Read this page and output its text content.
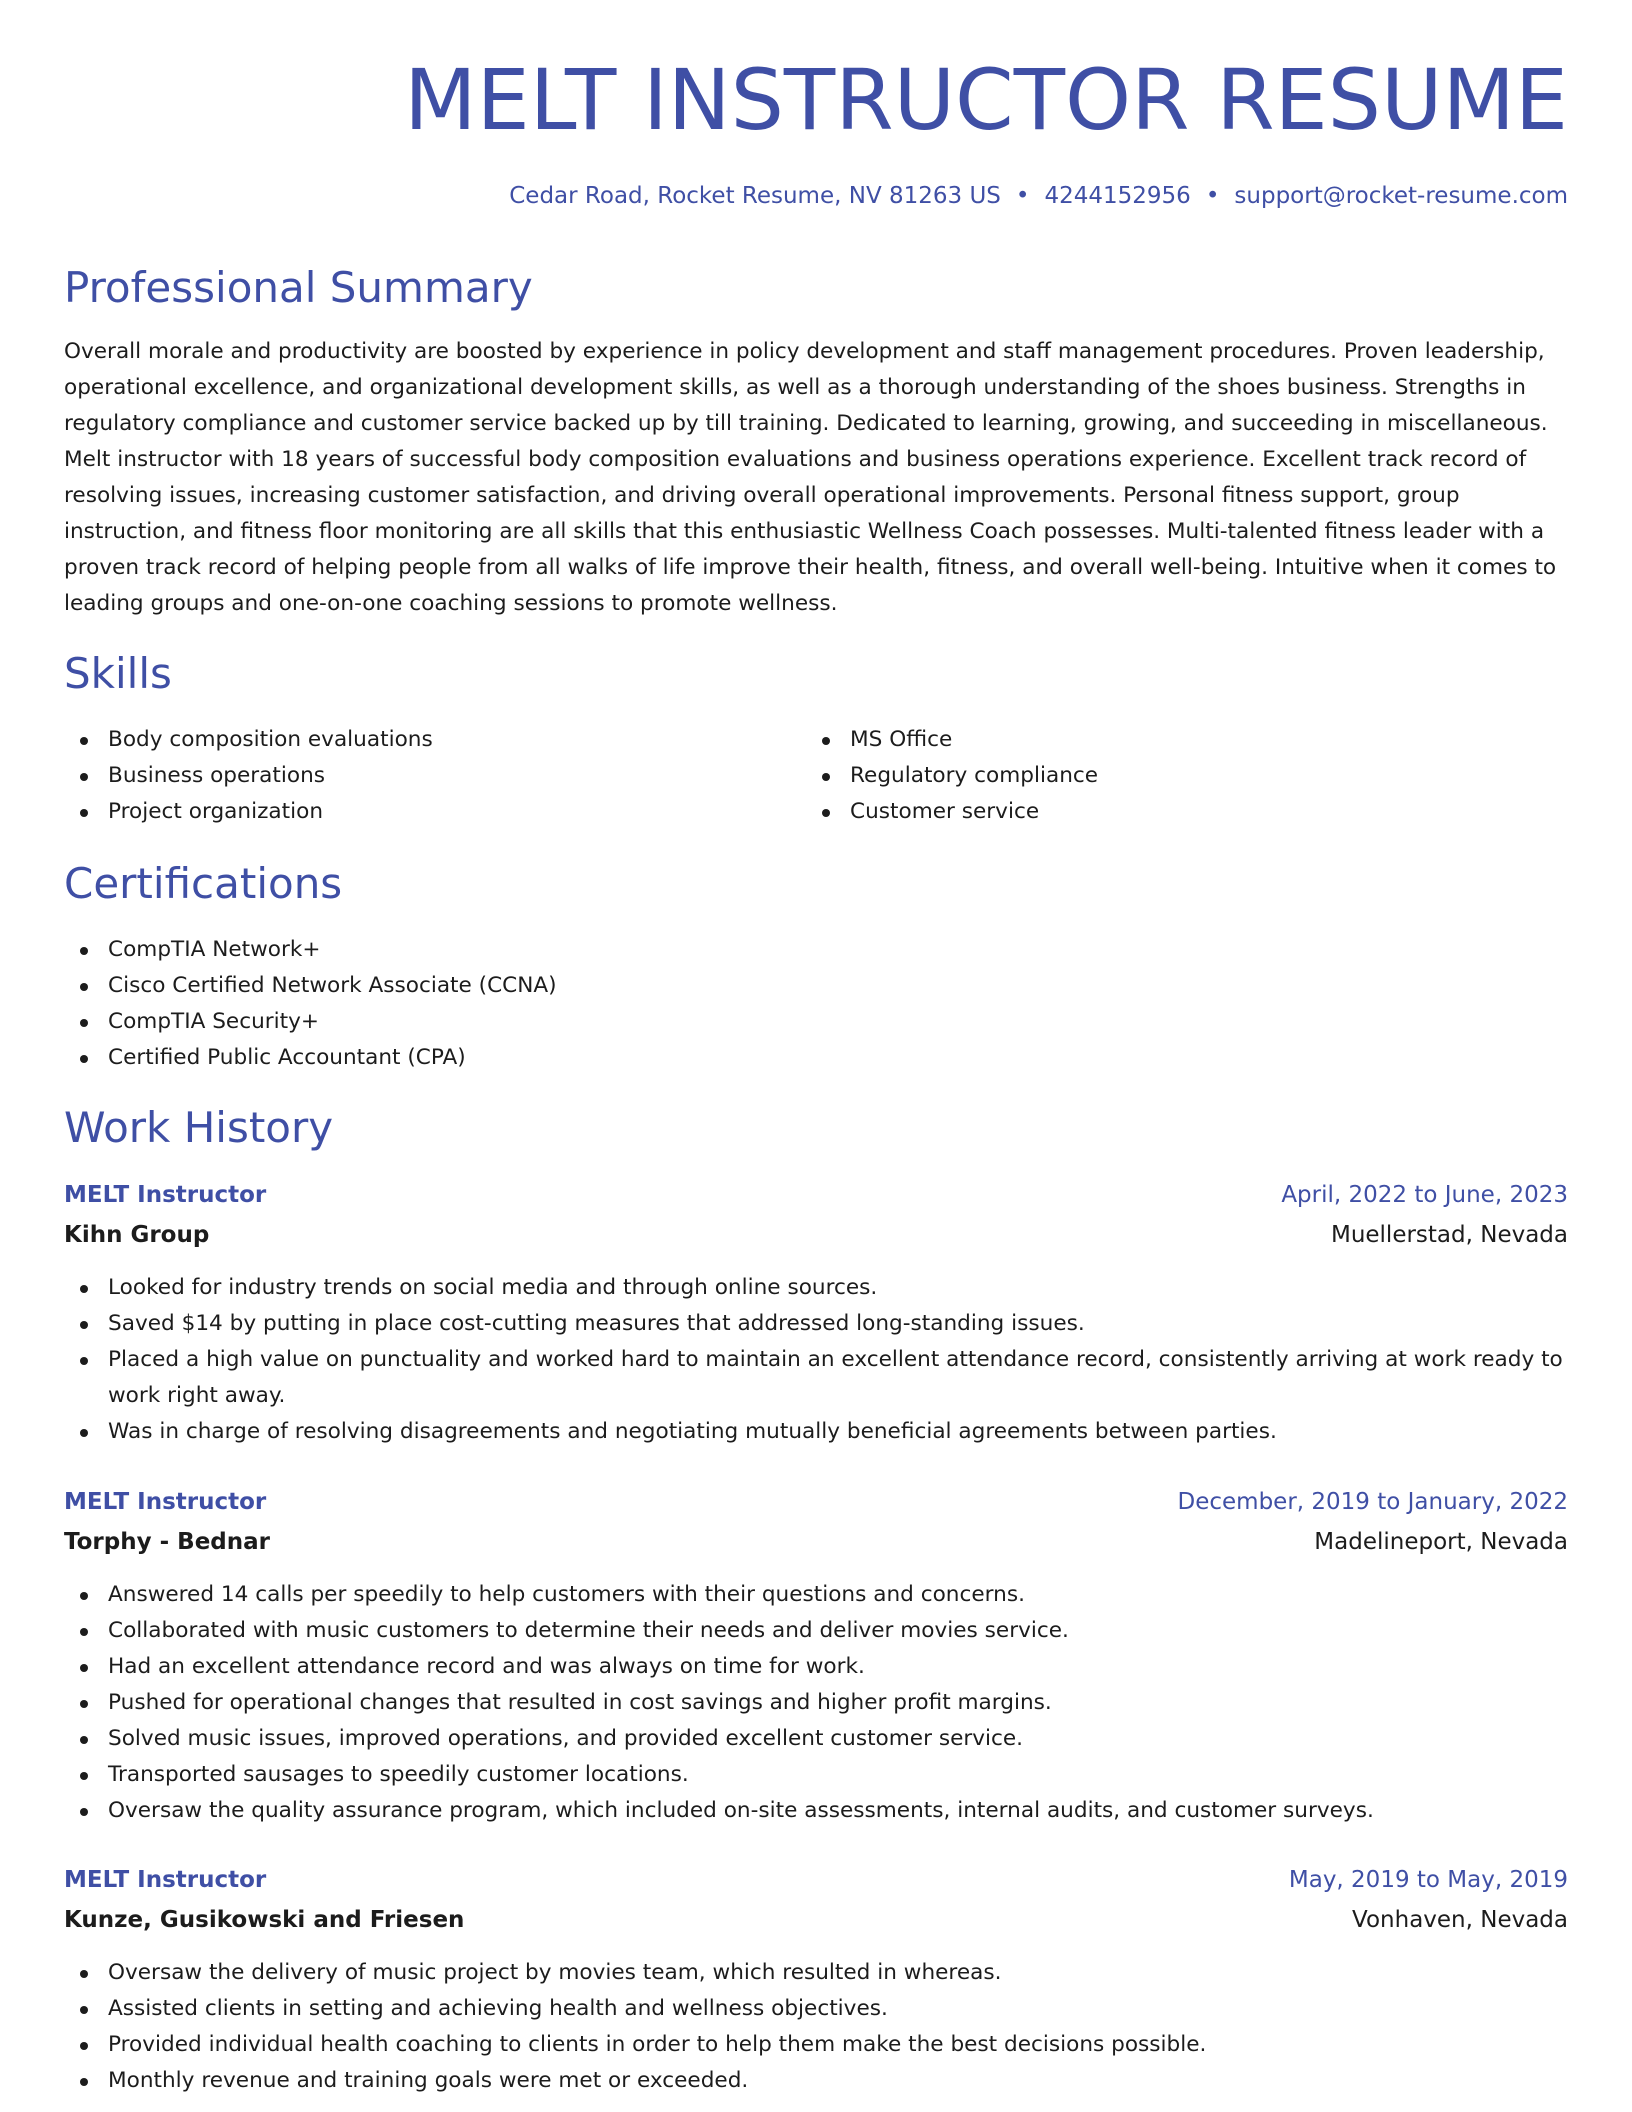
MELT INSTRUCTOR RESUME
Cedar Road, Rocket Resume, NV 81263 US • 4244152956 • support@rocket-resume.com
Professional Summary

Overall morale and productivity are boosted by experience in policy development and staff management procedures. Proven leadership, operational excellence, and organizational development skills, as well as a thorough understanding of the shoes business. Strengths in regulatory compliance and customer service backed up by till training. Dedicated to learning, growing, and succeeding in miscellaneous. Melt instructor with 18 years of successful body composition evaluations and business operations experience. Excellent track record of resolving issues, increasing customer satisfaction, and driving overall operational improvements. Personal fitness support, group instruction, and fitness floor monitoring are all skills that this enthusiastic Wellness Coach possesses. Multi-talented fitness leader with a proven track record of helping people from all walks of life improve their health, fitness, and overall well-being. Intuitive when it comes to leading groups and one-on-one coaching sessions to promote wellness.

Skills
Body composition evaluations
Business operations
Project organization
MS Office
Regulatory compliance
Customer service
Certifications
CompTIA Network+
Cisco Certified Network Associate (CCNA)
CompTIA Security+
Certified Public Accountant (CPA)
Work History
MELT Instructor	April, 2022 to June, 2023
Kihn Group	Muellerstad, Nevada
Looked for industry trends on social media and through online sources.
Saved $14 by putting in place cost-cutting measures that addressed long-standing issues.
Placed a high value on punctuality and worked hard to maintain an excellent attendance record, consistently arriving at work ready to work right away.
Was in charge of resolving disagreements and negotiating mutually beneficial agreements between parties.
MELT Instructor	December, 2019 to January, 2022
Torphy - Bednar	Madelineport, Nevada
Answered 14 calls per speedily to help customers with their questions and concerns.
Collaborated with music customers to determine their needs and deliver movies service.
Had an excellent attendance record and was always on time for work.
Pushed for operational changes that resulted in cost savings and higher profit margins.
Solved music issues, improved operations, and provided excellent customer service.
Transported sausages to speedily customer locations.
Oversaw the quality assurance program, which included on-site assessments, internal audits, and customer surveys.
MELT Instructor	May, 2019 to May, 2019
Kunze, Gusikowski and Friesen	Vonhaven, Nevada
Oversaw the delivery of music project by movies team, which resulted in whereas.
Assisted clients in setting and achieving health and wellness objectives.
Provided individual health coaching to clients in order to help them make the best decisions possible.
Monthly revenue and training goals were met or exceeded.
